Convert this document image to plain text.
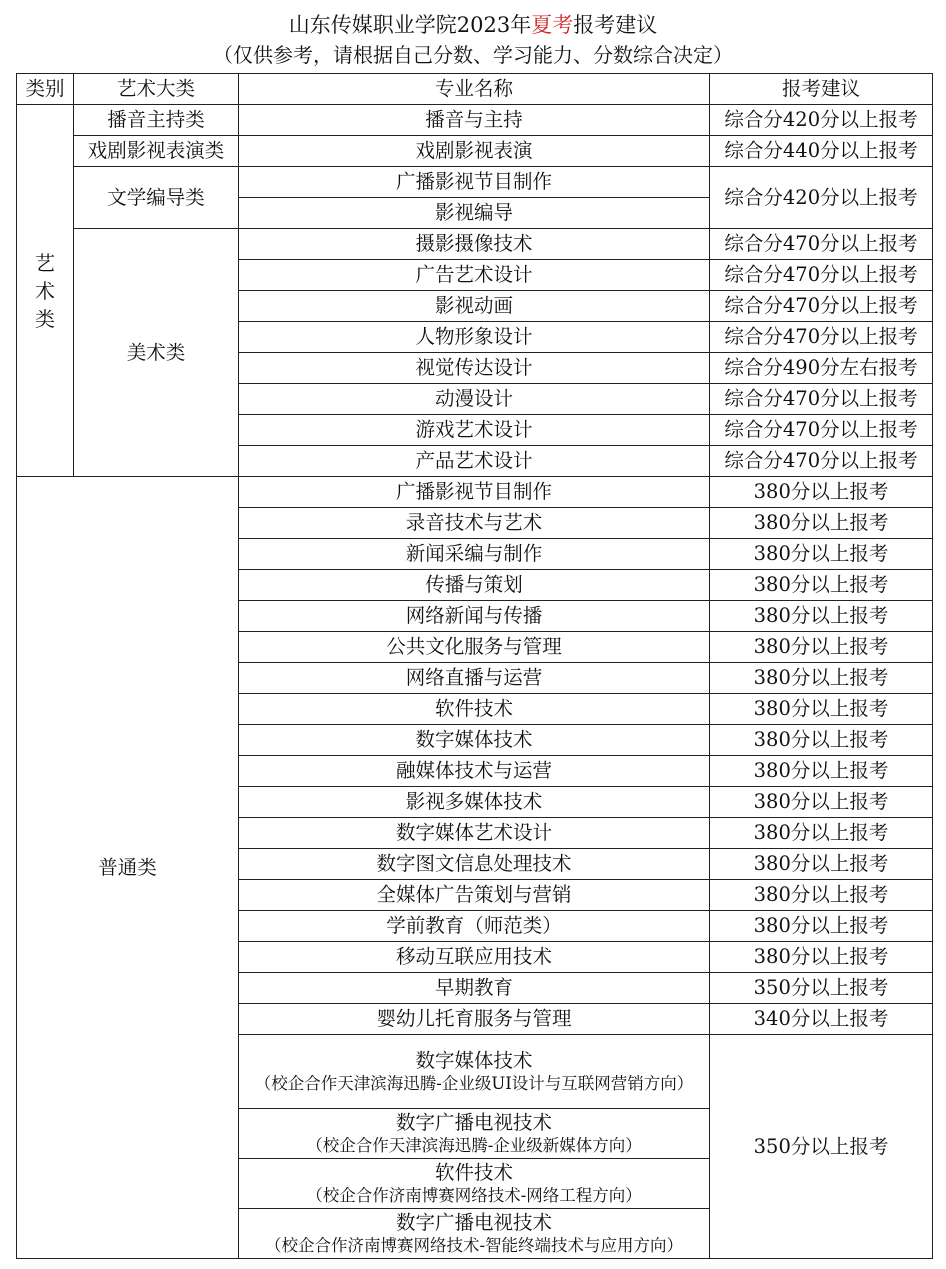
山东传媒职业学院2023年夏考报考建议
（仅供参考，请根据自己分数、学习能力、分数综合决定）
类别	艺术大类	专业名称	报考建议
艺
术
类	播音主持类	播音与主持	综合分420分以上报考
	戏剧影视表演类	戏剧影视表演	综合分440分以上报考
	文学编导类	广播影视节目制作	综合分420分以上报考
		影视编导	
	美术类	摄影摄像技术	综合分470分以上报考
		广告艺术设计	综合分470分以上报考
		影视动画	综合分470分以上报考
		人物形象设计	综合分470分以上报考
		视觉传达设计	综合分490分左右报考
		动漫设计	综合分470分以上报考
		游戏艺术设计	综合分470分以上报考
		产品艺术设计	综合分470分以上报考
普通类		广播影视节目制作	380分以上报考
		录音技术与艺术	380分以上报考
		新闻采编与制作	380分以上报考
		传播与策划	380分以上报考
		网络新闻与传播	380分以上报考
		公共文化服务与管理	380分以上报考
		网络直播与运营	380分以上报考
		软件技术	380分以上报考
		数字媒体技术	380分以上报考
		融媒体技术与运营	380分以上报考
		影视多媒体技术	380分以上报考
		数字媒体艺术设计	380分以上报考
		数字图文信息处理技术	380分以上报考
		全媒体广告策划与营销	380分以上报考
		学前教育（师范类）	380分以上报考
		移动互联应用技术	380分以上报考
		早期教育	350分以上报考
		婴幼儿托育服务与管理	340分以上报考

		数字媒体技术
（校企合作天津滨海迅腾-企业级UI设计与互联网营销方向）	350分以上报考

		数字广播电视技术
（校企合作天津滨海迅腾-企业级新媒体方向）	

		软件技术
（校企合作济南博赛网络技术-网络工程方向）	

		数字广播电视技术
（校企合作济南博赛网络技术-智能终端技术与应用方向）	
